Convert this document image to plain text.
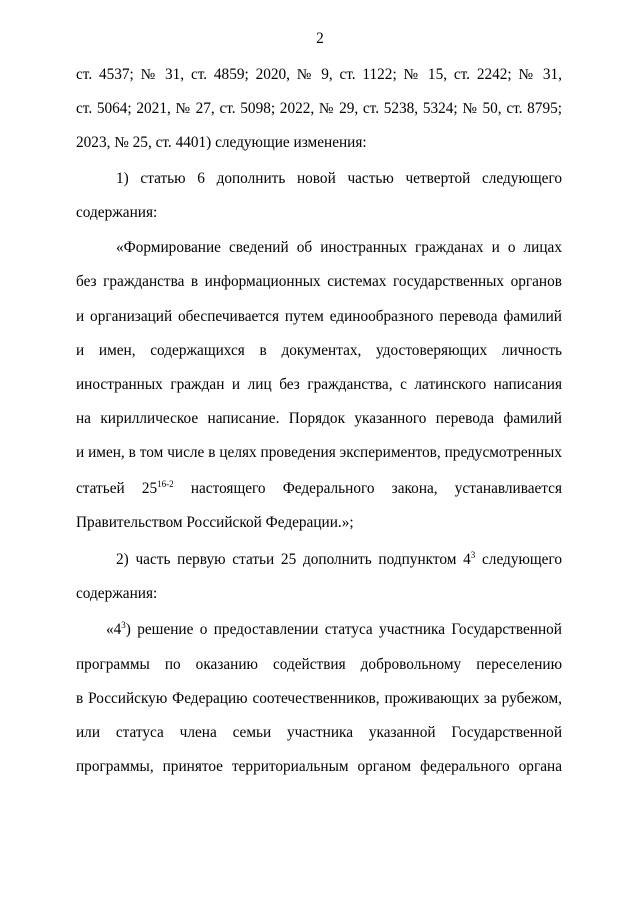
2
ст. 4537; № 31, ст. 4859; 2020, № 9, ст. 1122; № 15, ст. 2242; № 31,
ст. 5064; 2021, № 27, ст. 5098; 2022, № 29, ст. 5238, 5324; № 50, ст. 8795;
2023, № 25, ст. 4401) следующие изменения:
1) статью 6 дополнить новой частью четвертой следующего
содержания:
«Формирование сведений об иностранных гражданах и о лицах
без гражданства в информационных системах государственных органов
и организаций обеспечивается путем единообразного перевода фамилий
и имен, содержащихся в документах, удостоверяющих личность
иностранных граждан и лиц без гражданства, с латинского написания
на кириллическое написание. Порядок указанного перевода фамилий
и имен, в том числе в целях проведения экспериментов, предусмотренных
статьей 25$^{16-2}$ настоящего Федерального закона, устанавливается
Правительством Российской Федерации.»;
2) часть первую статьи 25 дополнить подпунктом $4^3$ следующего
содержания:
«$4^3$) решение о предоставлении статуса участника Государственной
программы по оказанию содействия добровольному переселению
в Российскую Федерацию соотечественников, проживающих за рубежом,
или статуса члена семьи участника указанной Государственной
программы, принятое территориальным органом федерального органа
